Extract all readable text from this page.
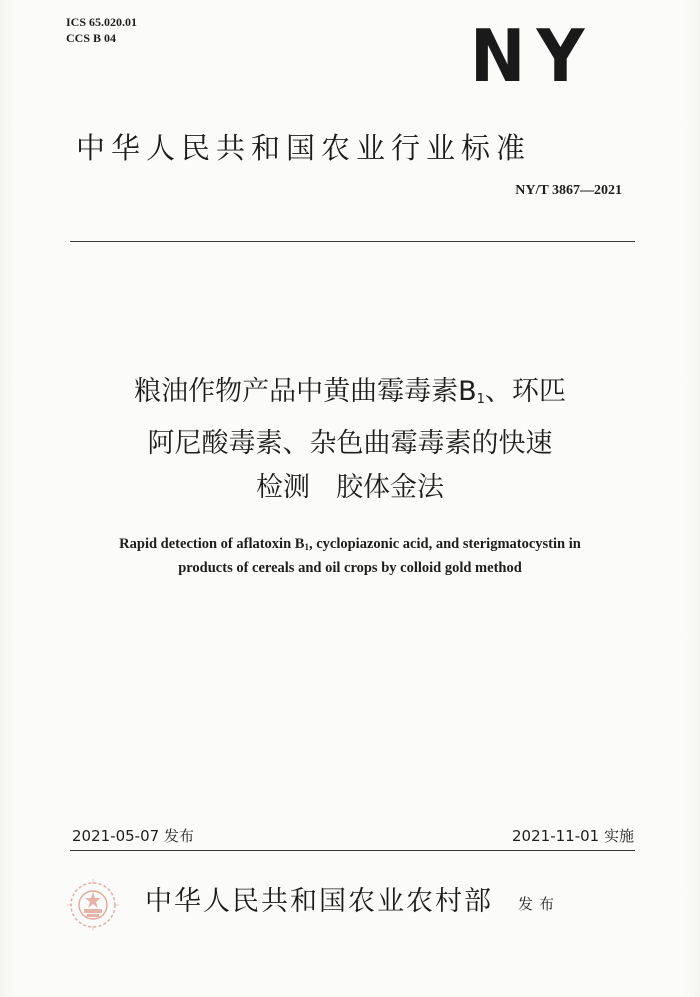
ICS 65.020.01
CCS B 04	NY
中华人民共和国农业行业标准
NY/T 3867—2021
粮油作物产品中黄曲霉毒素$B_1$、环匹
阿尼酸毒素、杂色曲霉毒素的快速
检测 胶体金法
Rapid detection of aflatoxin $B_1$, cyclopiazonic acid, and sterigmatocystin in
products of cereals and oil crops by colloid gold method
2021-05-07 发布	2021-11-01 实施
中华人民共和国农业农村部 发布
